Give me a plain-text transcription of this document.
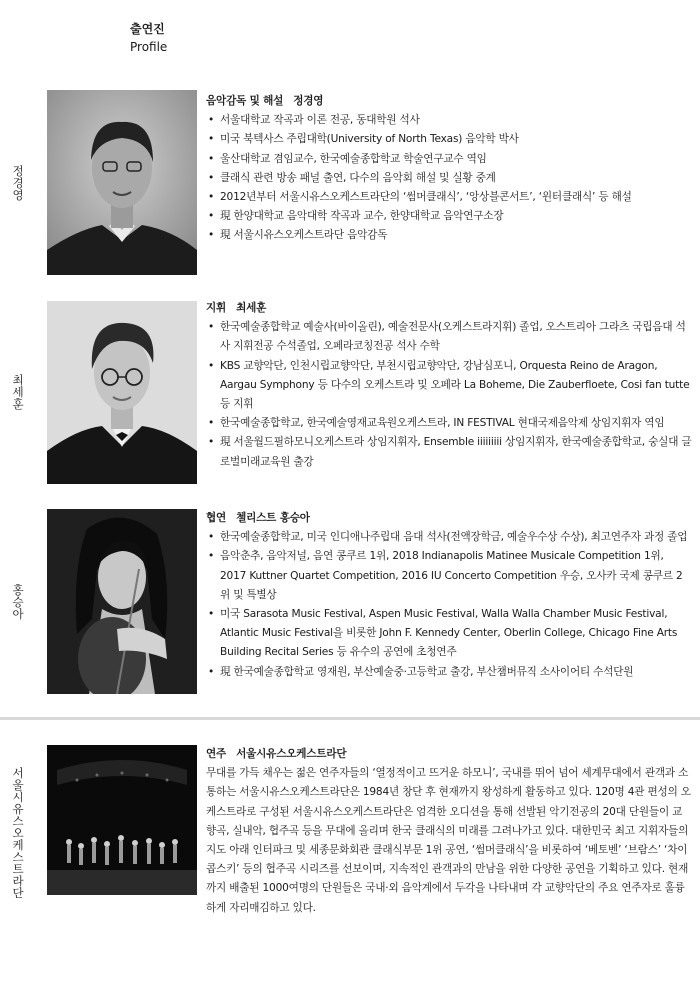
출연진
Profile
정경영
음악감독 및 해설 정경영
• 서울대학교 작곡과 이론 전공, 동대학원 석사
• 미국 북텍사스 주립대학(University of North Texas) 음악학 박사
• 울산대학교 겸임교수, 한국예술종합학교 학술연구교수 역임
• 클래식 관련 방송 패널 출연, 다수의 음악회 해설 및 실황 중계
• 2012년부터 서울시유스오케스트라단의 ‘썸머클래식’, ‘앙상블콘서트’, ‘윈터클래식’ 등 해설
• 現 한양대학교 음악대학 작곡과 교수, 한양대학교 음악연구소장
• 現 서울시유스오케스트라단 음악감독
최세훈
지휘 최세훈
• 한국예술종합학교 예술사(바이올린), 예술전문사(오케스트라지휘) 졸업, 오스트리아 그라츠 국립음대 석사 지휘전공 수석졸업, 오페라코칭전공 석사 수학
• KBS 교향악단, 인천시립교향악단, 부천시립교향악단, 강남심포니, Orquesta Reino de Aragon, Aargau Symphony 등 다수의 오케스트라 및 오페라 La Boheme, Die Zauberfloete, Cosi fan tutte 등 지휘
• 한국예술종합학교, 한국예술영재교육원오케스트라, IN FESTIVAL 현대국제음악제 상임지휘자 역임
• 現 서울월드필하모니오케스트라 상임지휘자, Ensemble iiiiiiiii 상임지휘자, 한국예술종합학교, 숭실대 글로벌미래교육원 출강
홍승아
협연 첼리스트 홍승아
• 한국예술종합학교, 미국 인디애나주립대 음대 석사(전액장학금, 예술우수상 수상), 최고연주자 과정 졸업
• 음악춘추, 음악저널, 음연 콩쿠르 1위, 2018 Indianapolis Matinee Musicale Competition 1위, 2017 Kuttner Quartet Competition, 2016 IU Concerto Competition 우승, 오사카 국제 콩쿠르 2위 및 특별상
• 미국 Sarasota Music Festival, Aspen Music Festival, Walla Walla Chamber Music Festival, Atlantic Music Festival을 비롯한 John F. Kennedy Center, Oberlin College, Chicago Fine Arts Building Recital Series 등 유수의 공연에 초청연주
• 現 한국예술종합학교 영재원, 부산예술중·고등학교 출강, 부산챔버뮤직 소사이어티 수석단원
서울시유스오케스트라단
연주 서울시유스오케스트라단

무대를 가득 채우는 젊은 연주자들의 ‘열정적이고 뜨거운 하모니’, 국내를 뛰어 넘어 세계무대에서 관객과 소통하는 서울시유스오케스트라단은 1984년 창단 후 현재까지 왕성하게 활동하고 있다. 120명 4관 편성의 오케스트라로 구성된 서울시유스오케스트라단은 엄격한 오디션을 통해 선발된 악기전공의 20대 단원들이 교향곡, 실내악, 협주곡 등을 무대에 올리며 한국 클래식의 미래를 그려나가고 있다. 대한민국 최고 지휘자들의 지도 아래 인터파크 및 세종문화회관 클래식부문 1위 공연, ‘썸머클래식’을 비롯하여 ‘베토벤’ ‘브람스’ ‘차이콥스키’ 등의 협주곡 시리즈를 선보이며, 지속적인 관객과의 만남을 위한 다양한 공연을 기획하고 있다. 현재까지 배출된 1000여명의 단원들은 국내·외 음악계에서 두각을 나타내며 각 교향악단의 주요 연주자로 훌륭하게 자리매김하고 있다.
